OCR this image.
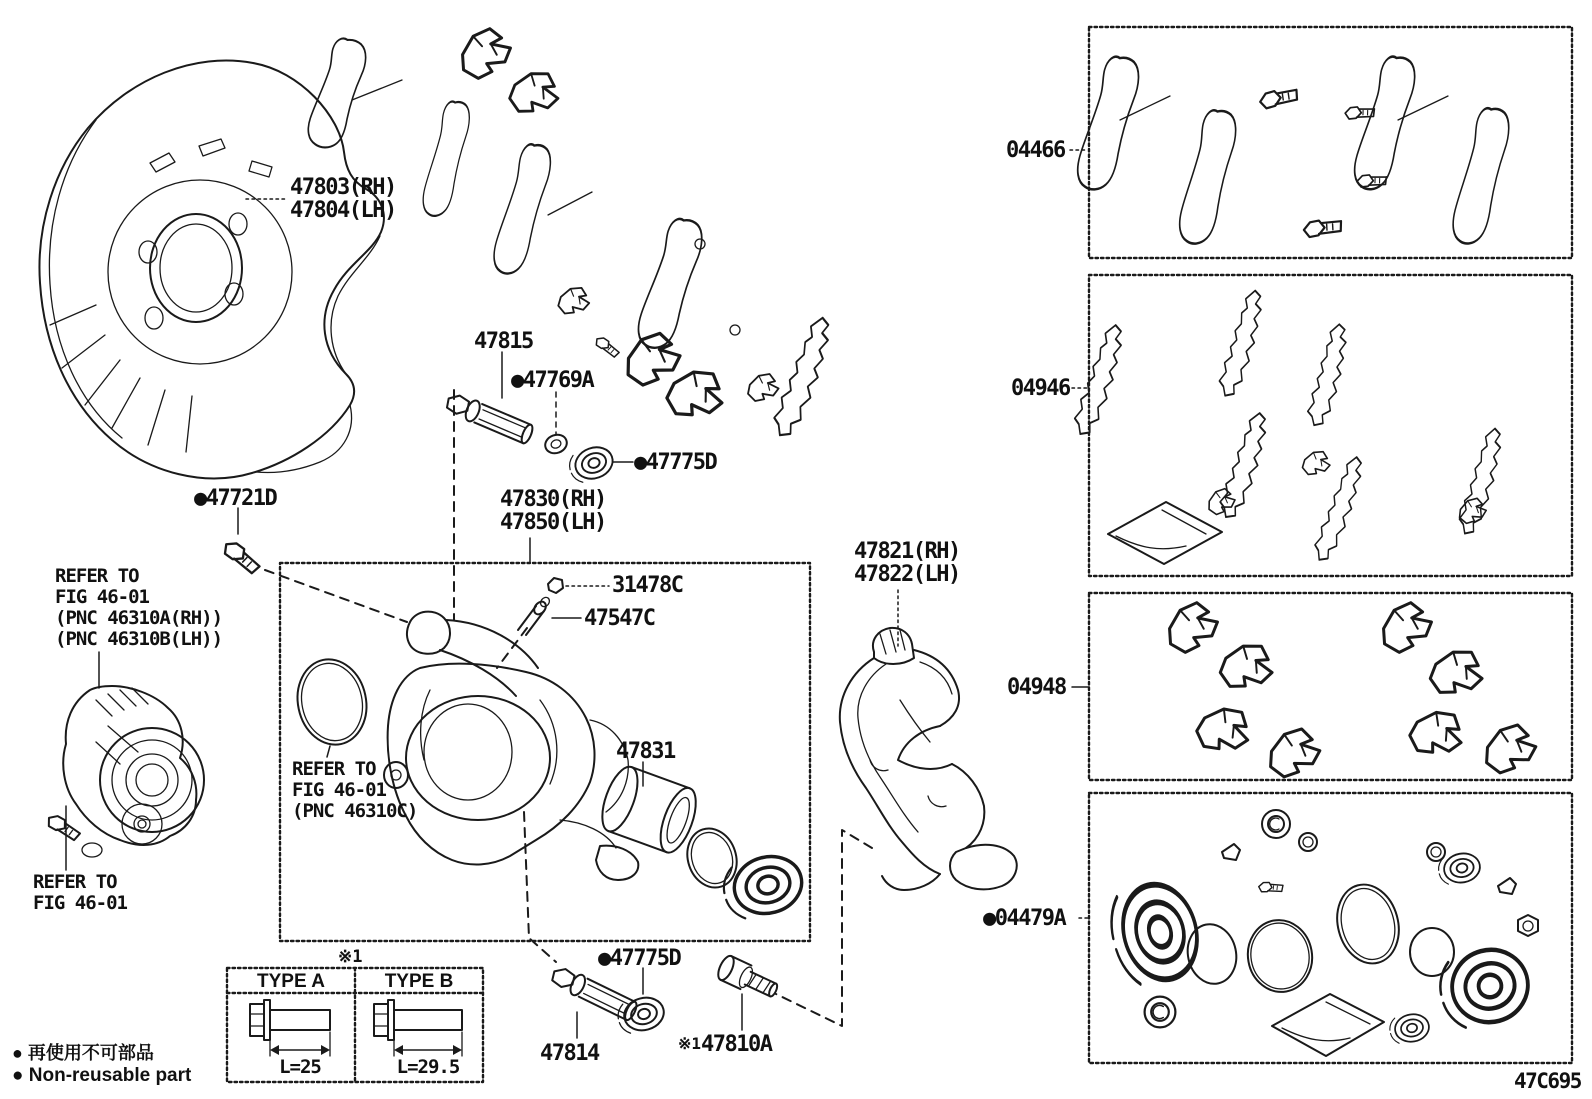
47803(RH)
47804(LH)
47815
●47769A
●47775D
47830(RH)
47850(LH)
●47721D
REFER TO
FIG 46-01
(PNC 46310A(RH))
(PNC 46310B(LH))
REFER TO
FIG 46-01
REFER TO
FIG 46-01
(PNC 46310C)
31478C
47547C
47831
47821(RH)
47822(LH)
04466
04946
04948
●04479A
●47775D
47814	※147810A
※1
TYPE A	TYPE B
L=25	L=29.5
● 再使用不可部品
● Non-reusable part	47C695
